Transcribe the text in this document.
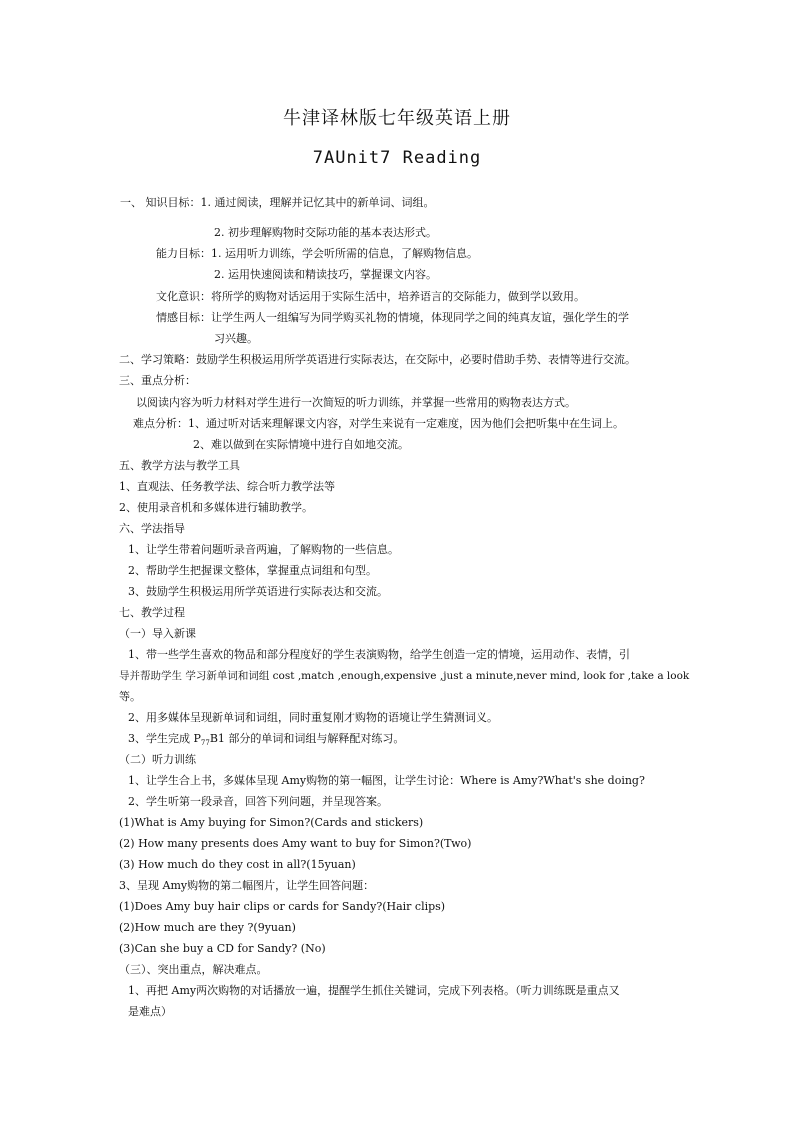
牛津译林版七年级英语上册
7AUnit7 Reading
一、 知识目标：1. 通过阅读，理解并记忆其中的新单词、词组。
2. 初步理解购物时交际功能的基本表达形式。
能力目标：1. 运用听力训练，学会听所需的信息，了解购物信息。
2. 运用快速阅读和精读技巧，掌握课文内容。
文化意识：将所学的购物对话运用于实际生活中，培养语言的交际能力，做到学以致用。
情感目标：让学生两人一组编写为同学购买礼物的情境，体现同学之间的纯真友谊，强化学生的学
习兴趣。
二、学习策略：鼓励学生积极运用所学英语进行实际表达，在交际中，必要时借助手势、表情等进行交流。
三、重点分析：
以阅读内容为听力材料对学生进行一次简短的听力训练，并掌握一些常用的购物表达方式。
难点分析：1、通过听对话来理解课文内容，对学生来说有一定难度，因为他们会把听集中在生词上。
2、难以做到在实际情境中进行自如地交流。
五、教学方法与教学工具
1、直观法、任务教学法、综合听力教学法等
2、使用录音机和多媒体进行辅助教学。
六、学法指导
1、让学生带着问题听录音两遍，了解购物的一些信息。
2、帮助学生把握课文整体，掌握重点词组和句型。
3、鼓励学生积极运用所学英语进行实际表达和交流。
七、教学过程
（一）导入新课
1、带一些学生喜欢的物品和部分程度好的学生表演购物，给学生创造一定的情境，运用动作、表情，引
导并帮助学生 学习新单词和词组 cost ,match ,enough,expensive ,just a minute,never mind, look for ,take a look
等。
2、用多媒体呈现新单词和词组，同时重复刚才购物的语境让学生猜测词义。
3、学生完成 $P_{77}B1$ 部分的单词和词组与解释配对练习。
（二）听力训练
1、让学生合上书，多媒体呈现 Amy购物的第一幅图，让学生讨论：Where is Amy?What's she doing?
2、学生听第一段录音，回答下列问题，并呈现答案。
(1)What is Amy buying for Simon?(Cards and stickers)
(2) How many presents does Amy want to buy for Simon?(Two)
(3) How much do they cost in all?(15yuan)
3、呈现 Amy购物的第二幅图片，让学生回答问题：
(1)Does Amy buy hair clips or cards for Sandy?(Hair clips)
(2)How much are they ?(9yuan)
(3)Can she buy a CD for Sandy? (No)
（三）、突出重点，解决难点。
1、再把 Amy两次购物的对话播放一遍，提醒学生抓住关键词，完成下列表格。（听力训练既是重点又
是难点）
